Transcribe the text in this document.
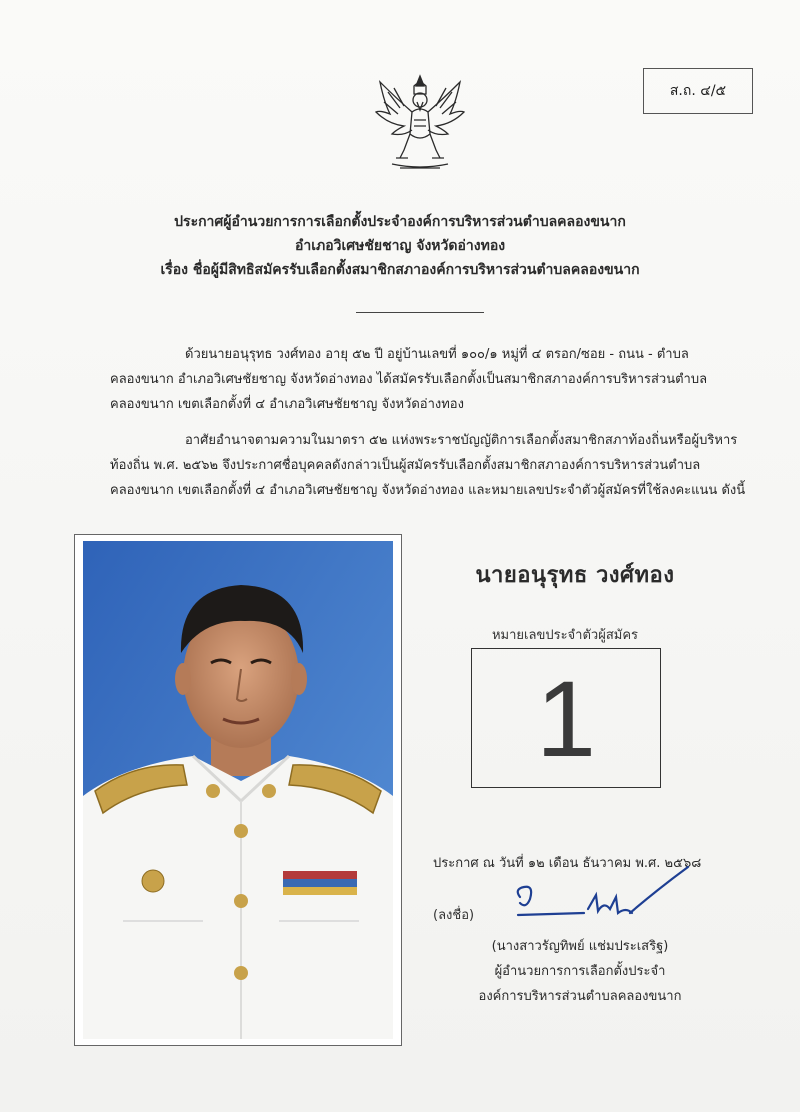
ส.ถ. ๔/๕
ประกาศผู้อำนวยการการเลือกตั้งประจำองค์การบริหารส่วนตำบลคลองขนาก
อำเภอวิเศษชัยชาญ จังหวัดอ่างทอง
เรื่อง ชื่อผู้มีสิทธิสมัครรับเลือกตั้งสมาชิกสภาองค์การบริหารส่วนตำบลคลองขนาก
ด้วยนายอนุรุทธ วงศ์ทอง อายุ ๕๒ ปี อยู่บ้านเลขที่ ๑๐๐/๑ หมู่ที่ ๔ ตรอก/ซอย - ถนน - ตำบล
คลองขนาก อำเภอวิเศษชัยชาญ จังหวัดอ่างทอง ได้สมัครรับเลือกตั้งเป็นสมาชิกสภาองค์การบริหารส่วนตำบล
คลองขนาก เขตเลือกตั้งที่ ๔ อำเภอวิเศษชัยชาญ จังหวัดอ่างทอง
อาศัยอำนาจตามความในมาตรา ๕๒ แห่งพระราชบัญญัติการเลือกตั้งสมาชิกสภาท้องถิ่นหรือผู้บริหาร
ท้องถิ่น พ.ศ. ๒๕๖๒ จึงประกาศชื่อบุคคลดังกล่าวเป็นผู้สมัครรับเลือกตั้งสมาชิกสภาองค์การบริหารส่วนตำบล
คลองขนาก เขตเลือกตั้งที่ ๔ อำเภอวิเศษชัยชาญ จังหวัดอ่างทอง และหมายเลขประจำตัวผู้สมัครที่ใช้ลงคะแนน ดังนี้
นายอนุรุทธ วงศ์ทอง
หมายเลขประจำตัวผู้สมัคร
1
ประกาศ ณ วันที่ ๑๒ เดือน ธันวาคม พ.ศ. ๒๕๖๘
(ลงชื่อ)
(นางสาวรัญทิพย์ แช่มประเสริฐ)
ผู้อำนวยการการเลือกตั้งประจำ
องค์การบริหารส่วนตำบลคลองขนาก
